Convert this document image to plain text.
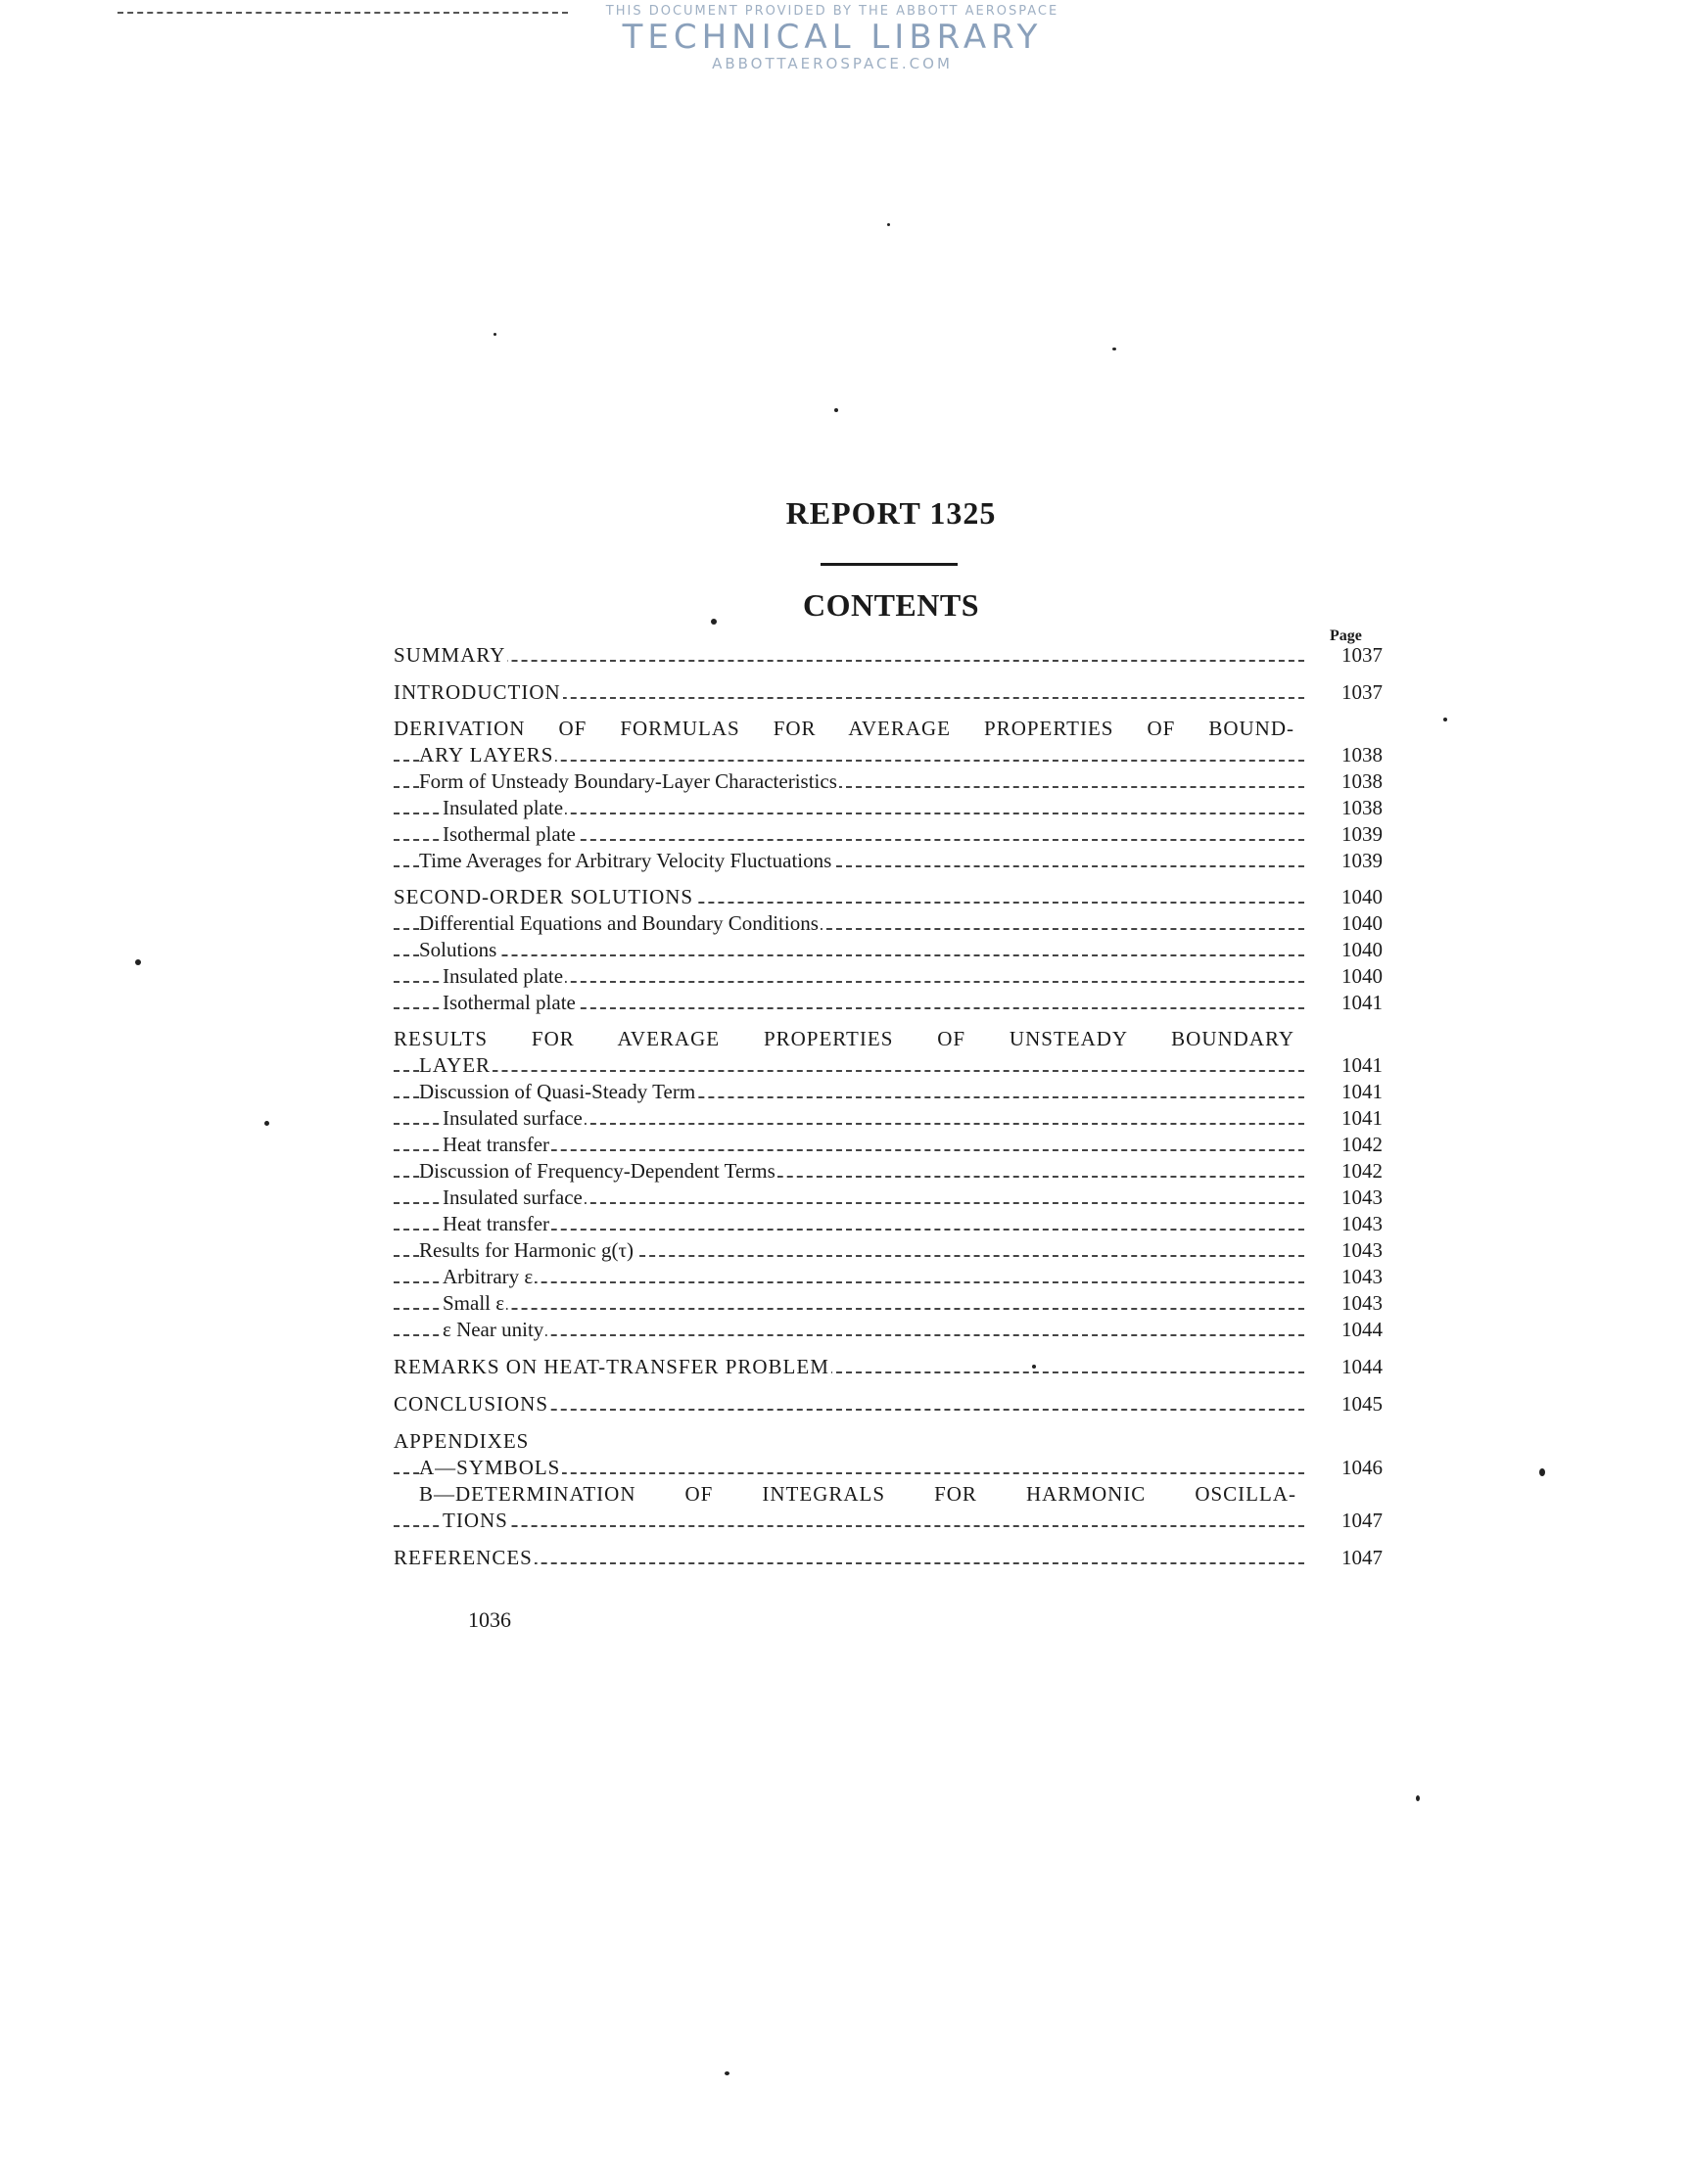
THIS DOCUMENT PROVIDED BY THE ABBOTT AEROSPACE
TECHNICAL LIBRARY
ABBOTTAEROSPACE.COM
REPORT 1325
CONTENTS
Page
SUMMARY	1037
INTRODUCTION	1037
DERIVATION OF FORMULAS FOR AVERAGE PROPERTIES OF BOUND-
ARY LAYERS	1038
Form of Unsteady Boundary-Layer Characteristics	1038
Insulated plate	1038
Isothermal plate	1039
Time Averages for Arbitrary Velocity Fluctuations	1039
SECOND-ORDER SOLUTIONS	1040
Differential Equations and Boundary Conditions	1040
Solutions	1040
Insulated plate	1040
Isothermal plate	1041
RESULTS FOR AVERAGE PROPERTIES OF UNSTEADY BOUNDARY
LAYER	1041
Discussion of Quasi-Steady Term	1041
Insulated surface	1041
Heat transfer	1042
Discussion of Frequency-Dependent Terms	1042
Insulated surface	1043
Heat transfer	1043
Results for Harmonic g(τ)	1043
Arbitrary ε	1043
Small ε	1043
ε Near unity	1044
REMARKS ON HEAT-TRANSFER PROBLEM	1044
CONCLUSIONS	1045
APPENDIXES
A—SYMBOLS	1046
B—DETERMINATION OF INTEGRALS FOR HARMONIC OSCILLA-
TIONS	1047
REFERENCES	1047
1036
